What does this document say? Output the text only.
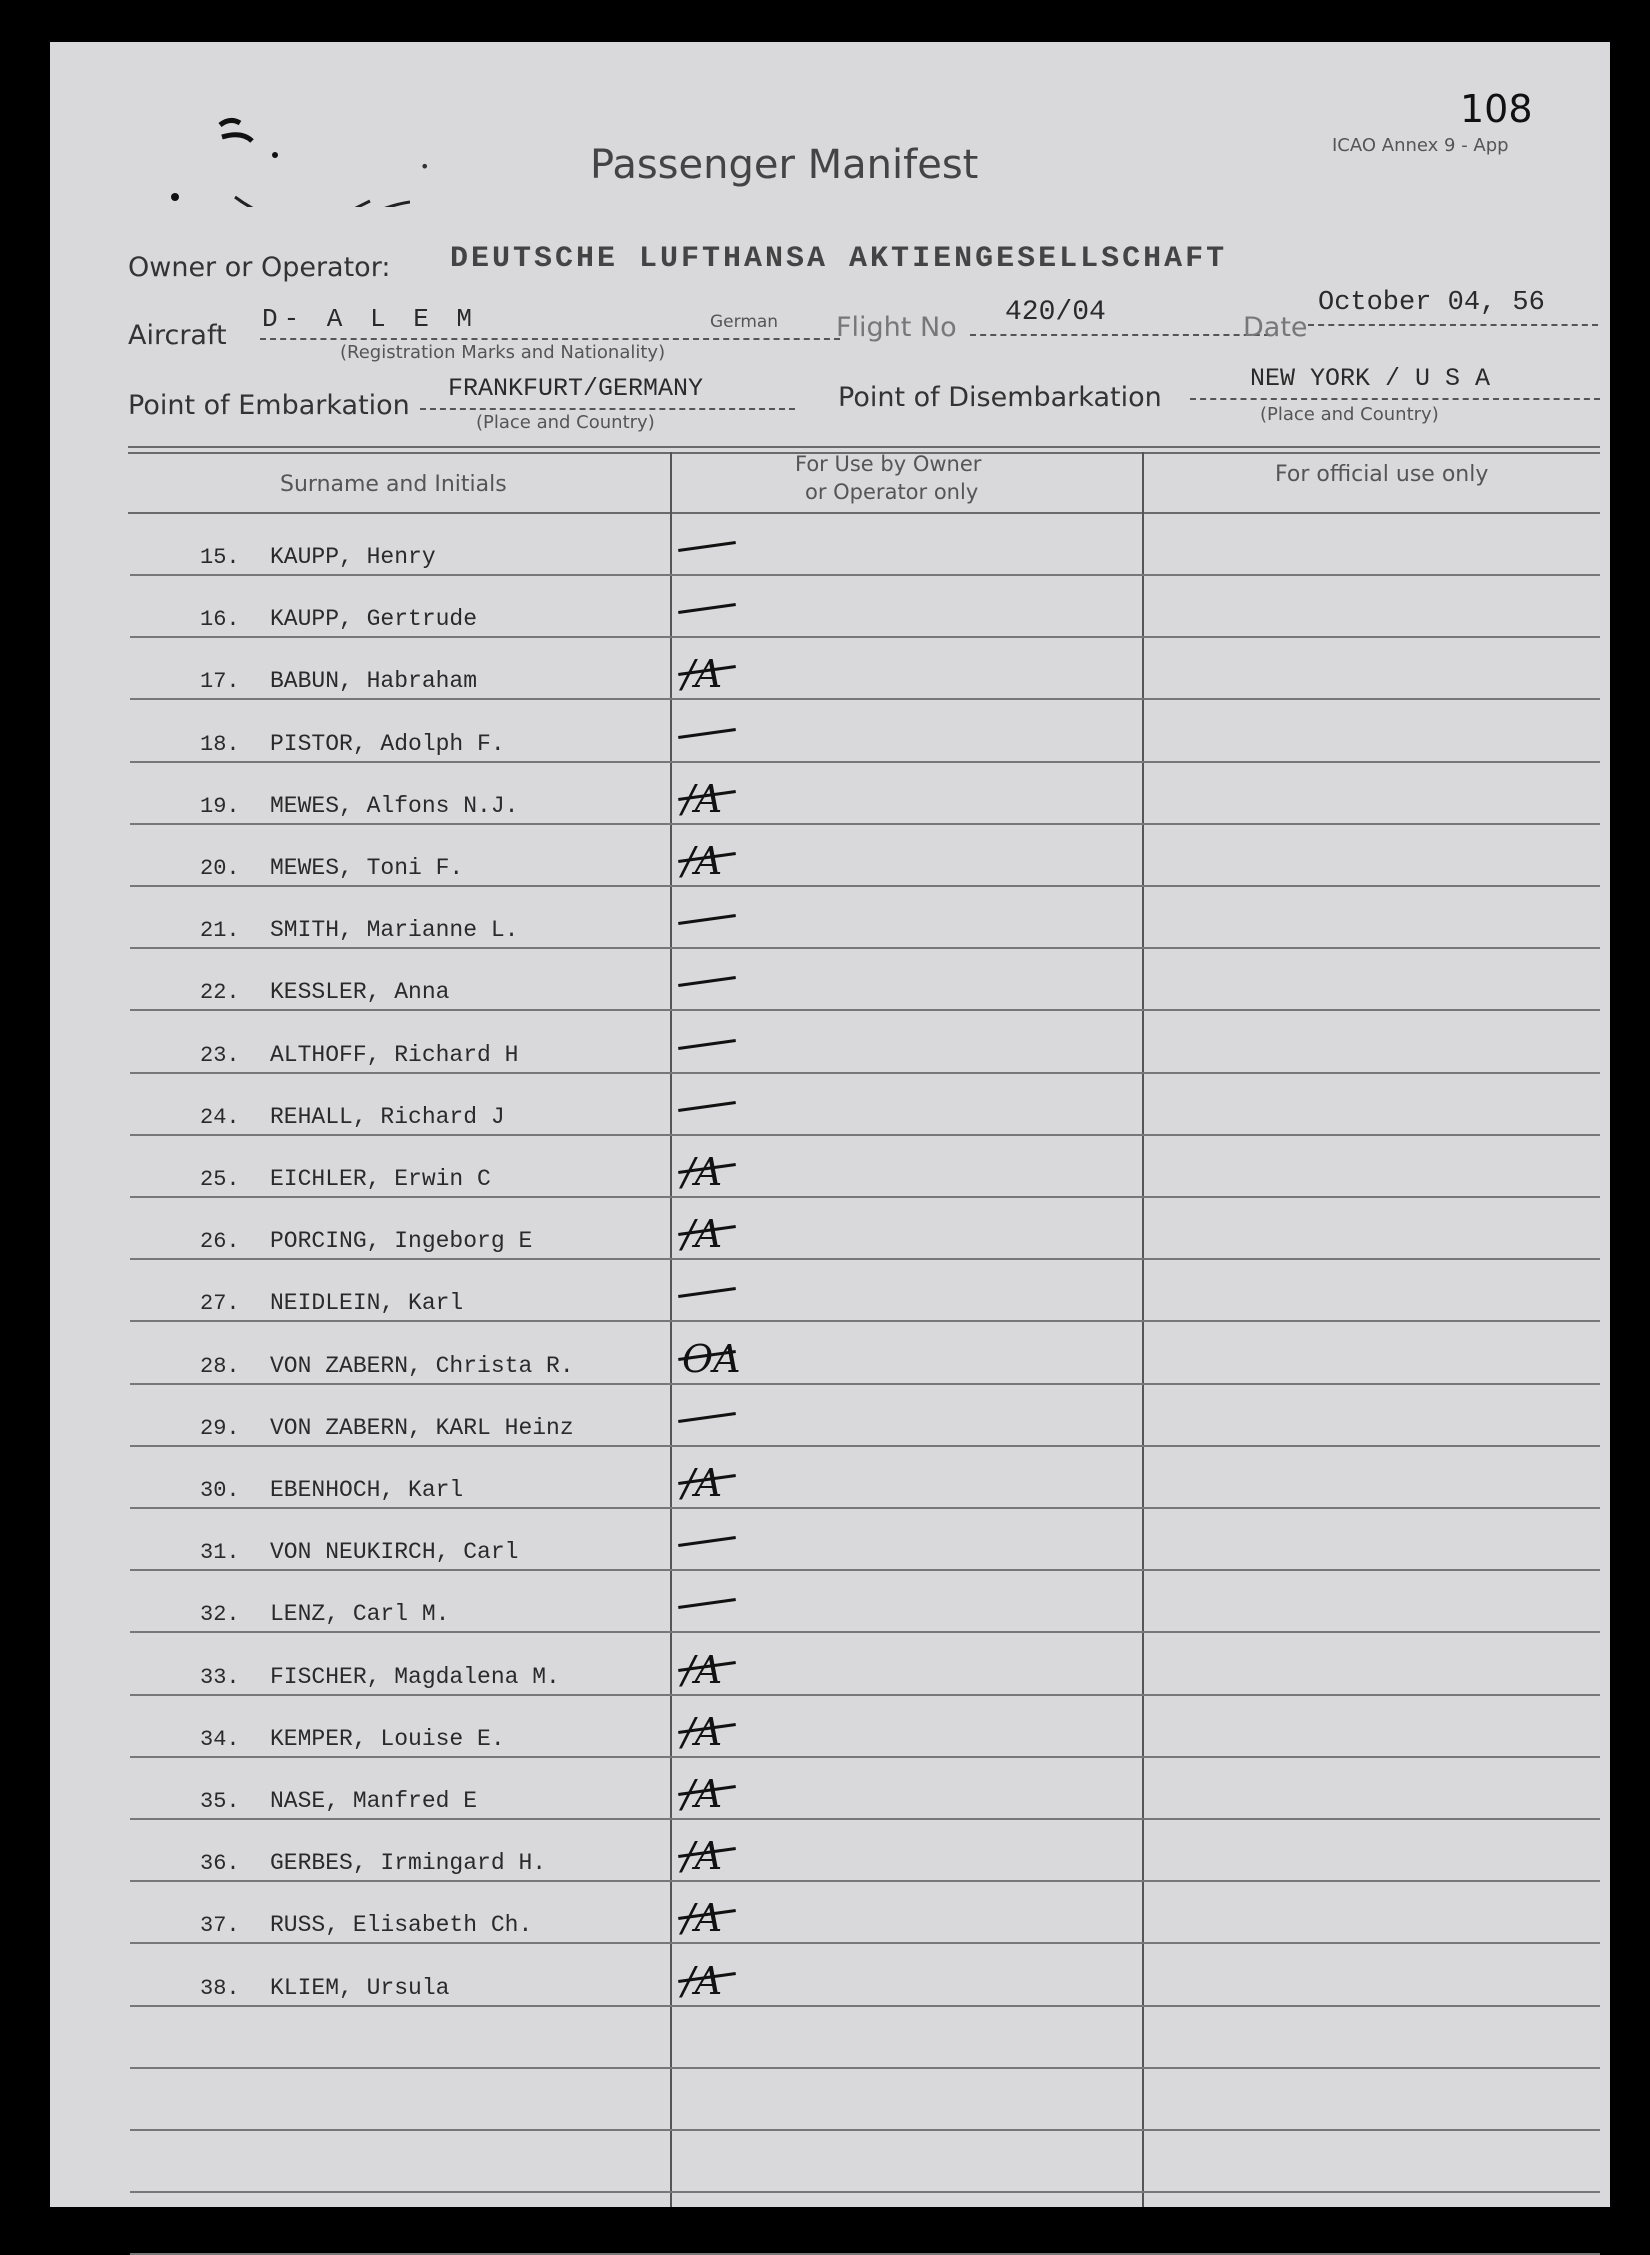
•	Passenger Manifest
108
ICAO Annex 9 - App
Owner or Operator: DEUTSCHE LUFTHANSA AKTIENGESELLSCHAFT
Aircraft
D- A L E M	German
(Registration Marks and Nationality)
Flight No 420/04	Date
October 04, 56
Point of Embarkation
FRANKFURT/GERMANY
(Place and Country)
Point of Disembarkation
NEW YORK / U S A
(Place and Country)
Surname and Initials
For Use by Owner
or Operator only
For official use only
15.	KAUPP, Henry
16.	KAUPP, Gertrude
17.	BABUN, Habraham	/A
18.	PISTOR, Adolph F.
19.	MEWES, Alfons N.J.	/A
20.	MEWES, Toni F.	/A
21.	SMITH, Marianne L.
22.	KESSLER, Anna
23.	ALTHOFF, Richard H
24.	REHALL, Richard J
25.	EICHLER, Erwin C	/A
26.	PORCING, Ingeborg E	/A
27.	NEIDLEIN, Karl
28.	VON ZABERN, Christa R.	OA
29.	VON ZABERN, KARL Heinz
30.	EBENHOCH, Karl	/A
31.	VON NEUKIRCH, Carl
32.	LENZ, Carl M.
33.	FISCHER, Magdalena M.	/A
34.	KEMPER, Louise E.	/A
35.	NASE, Manfred E	/A
36.	GERBES, Irmingard H.	/A
37.	RUSS, Elisabeth Ch.	/A
38.	KLIEM, Ursula	/A
